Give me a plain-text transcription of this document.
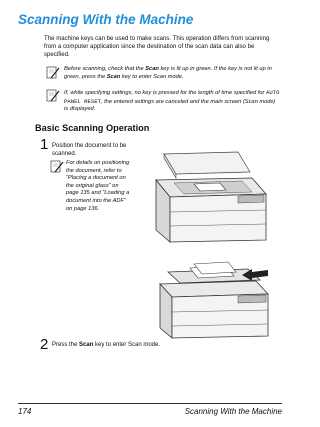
Scanning With the Machine
The machine keys can be used to make scans. This operation differs from scanning from a computer application since the destination of the scan data can also be specified.
Before scanning, check that the Scan key is lit up in green. If the key is not lit up in green, press the Scan key to enter Scan mode.
If, while specifying settings, no key is pressed for the length of time specified for AUTO PANEL RESET, the entered settings are canceled and the main screen (Scan mode) is displayed.
Basic Scanning Operation
1 Position the document to be scanned.
For details on positioning the document, refer to “Placing a document on the original glass” on page 135 and “Loading a document into the ADF” on page 136.
2 Press the Scan key to enter Scan mode.
174	Scanning With the Machine
